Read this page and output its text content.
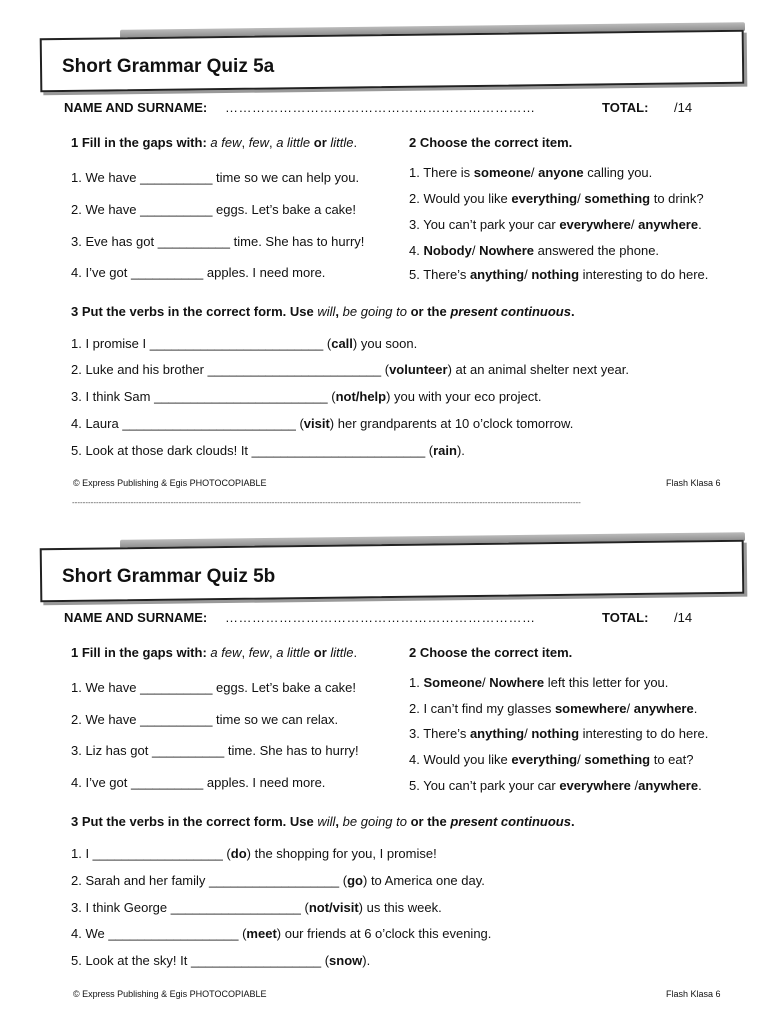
Short Grammar Quiz 5a
NAME AND SURNAME: ……………………………………………………………	TOTAL: /14
1 Fill in the gaps with: a few, few, a little or little.
1. We have __________ time so we can help you.
2. We have __________ eggs. Let’s bake a cake!
3. Eve has got __________ time. She has to hurry!
4. I’ve got __________ apples. I need more.
2 Choose the correct item.
1. There is someone/ anyone calling you.
2. Would you like everything/ something to drink?
3. You can’t park your car everywhere/ anywhere.
4. Nobody/ Nowhere answered the phone.
5. There’s anything/ nothing interesting to do here.
3 Put the verbs in the correct form. Use will, be going to or the present continuous.
1. I promise I ________________________ (call) you soon.
2. Luke and his brother ________________________ (volunteer) at an animal shelter next year.
3. I think Sam ________________________ (not/help) you with your eco project.
4. Laura ________________________ (visit) her grandparents at 10 o’clock tomorrow.
5. Look at those dark clouds! It ________________________ (rain).
© Express Publishing & Egis PHOTOCOPIABLE	Flash Klasa 6
-----------------------------------------------------------------------------------------------------------------------------------------------------------------------------------------------
Short Grammar Quiz 5b
NAME AND SURNAME: ……………………………………………………………	TOTAL: /14
1 Fill in the gaps with: a few, few, a little or little.
1. We have __________ eggs. Let’s bake a cake!
2. We have __________ time so we can relax.
3. Liz has got __________ time. She has to hurry!
4. I’ve got __________ apples. I need more.
2 Choose the correct item.
1. Someone/ Nowhere left this letter for you.
2. I can’t find my glasses somewhere/ anywhere.
3. There’s anything/ nothing interesting to do here.
4. Would you like everything/ something to eat?
5. You can’t park your car everywhere /anywhere.
3 Put the verbs in the correct form. Use will, be going to or the present continuous.
1. I __________________ (do) the shopping for you, I promise!
2. Sarah and her family __________________ (go) to America one day.
3. I think George __________________ (not/visit) us this week.
4. We __________________ (meet) our friends at 6 o’clock this evening.
5. Look at the sky! It __________________ (snow).
© Express Publishing & Egis PHOTOCOPIABLE	Flash Klasa 6
